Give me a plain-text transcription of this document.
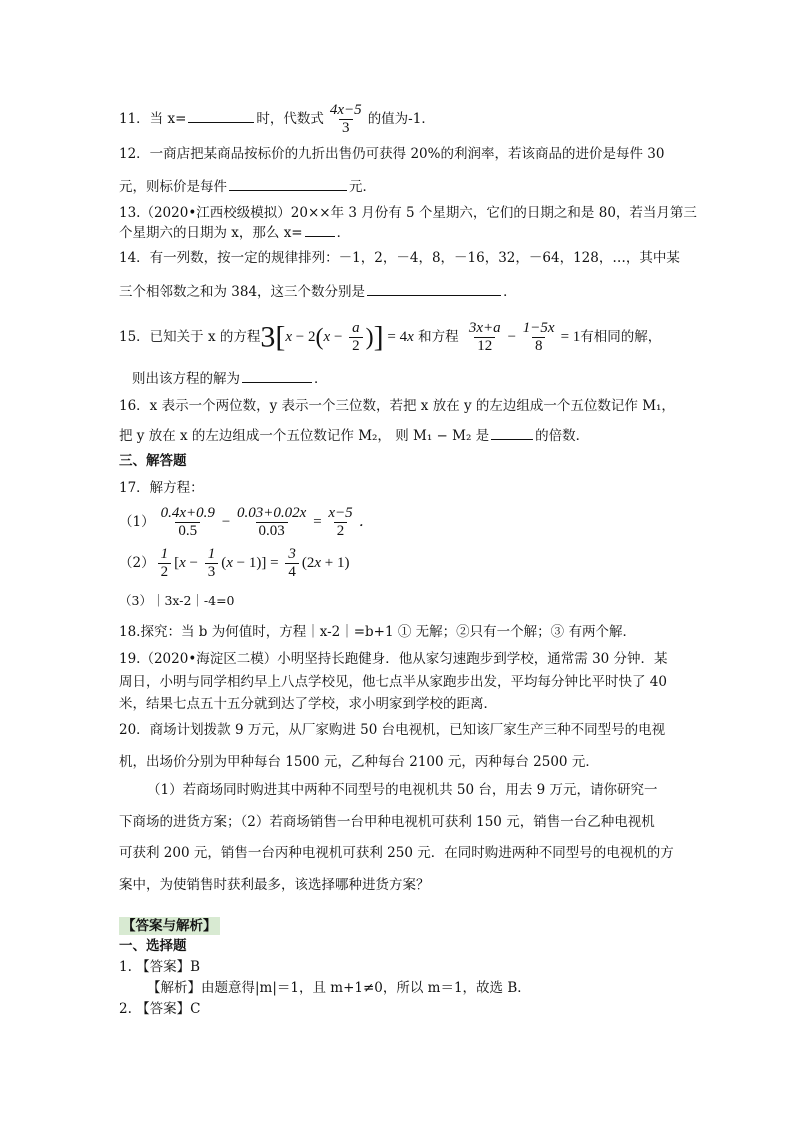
11．当 x=	时，代数式 $\frac{4x-5}{3}$ 的值为-1．
12．一商店把某商品按标价的九折出售仍可获得 20%的利润率，若该商品的进价是每件 30
元，则标价是每件	元．
13.（2020•江西校级模拟）20××年 3 月份有 5 个星期六，它们的日期之和是 80，若当月第三
个星期六的日期为 x，那么 x=	．
14．有一列数，按一定的规律排列：－1，2，－4，8，－16，32，－64，128，…，其中某
三个相邻数之和为 384，这三个数分别是	．
15．已知关于 x 的方程$3[x - 2(x - \frac{a}{2}$ )] = 4x 和方程 $\frac{3x+a}{12} - \frac{1-5x}{8} = 1$有相同的解，
则出该方程的解为	．
16．x 表示一个两位数，y 表示一个三位数，若把 x 放在 y 的左边组成一个五位数记作 M₁，
把 y 放在 x 的左边组成一个五位数记作 M₂， 则 M₁ − M₂ 是	的倍数．
三、解答题
17．解方程：
$(1) \frac{0.4x+0.9}{0.5} - \frac{0.03+0.02x}{0.03} = \frac{x-5}{2}$ ．
$(2) \frac{1}{2} [x - \frac{1}{3} (x - 1)] = \frac{3}{4} (2x + 1)$
（3）｜3x-2｜-4=0
18.探究：当 b 为何值时，方程｜x-2｜=b+1 ① 无解；②只有一个解；③ 有两个解．
19.（2020•海淀区二模）小明坚持长跑健身．他从家匀速跑步到学校，通常需 30 分钟．某
周日，小明与同学相约早上八点学校见，他七点半从家跑步出发，平均每分钟比平时快了 40
米，结果七点五十五分就到达了学校，求小明家到学校的距离．
20．商场计划拨款 9 万元，从厂家购进 50 台电视机，已知该厂家生产三种不同型号的电视
机，出场价分别为甲种每台 1500 元，乙种每台 2100 元，丙种每台 2500 元．
（1）若商场同时购进其中两种不同型号的电视机共 50 台，用去 9 万元，请你研究一
下商场的进货方案；（2）若商场销售一台甲种电视机可获利 150 元，销售一台乙种电视机
可获利 200 元，销售一台丙种电视机可获利 250 元．在同时购进两种不同型号的电视机的方
案中，为使销售时获利最多，该选择哪种进货方案？
【答案与解析】
一、选择题
1. 【答案】B
【解析】由题意得|m|＝1，且 m+1≠0，所以 m＝1，故选 B．
2. 【答案】C
